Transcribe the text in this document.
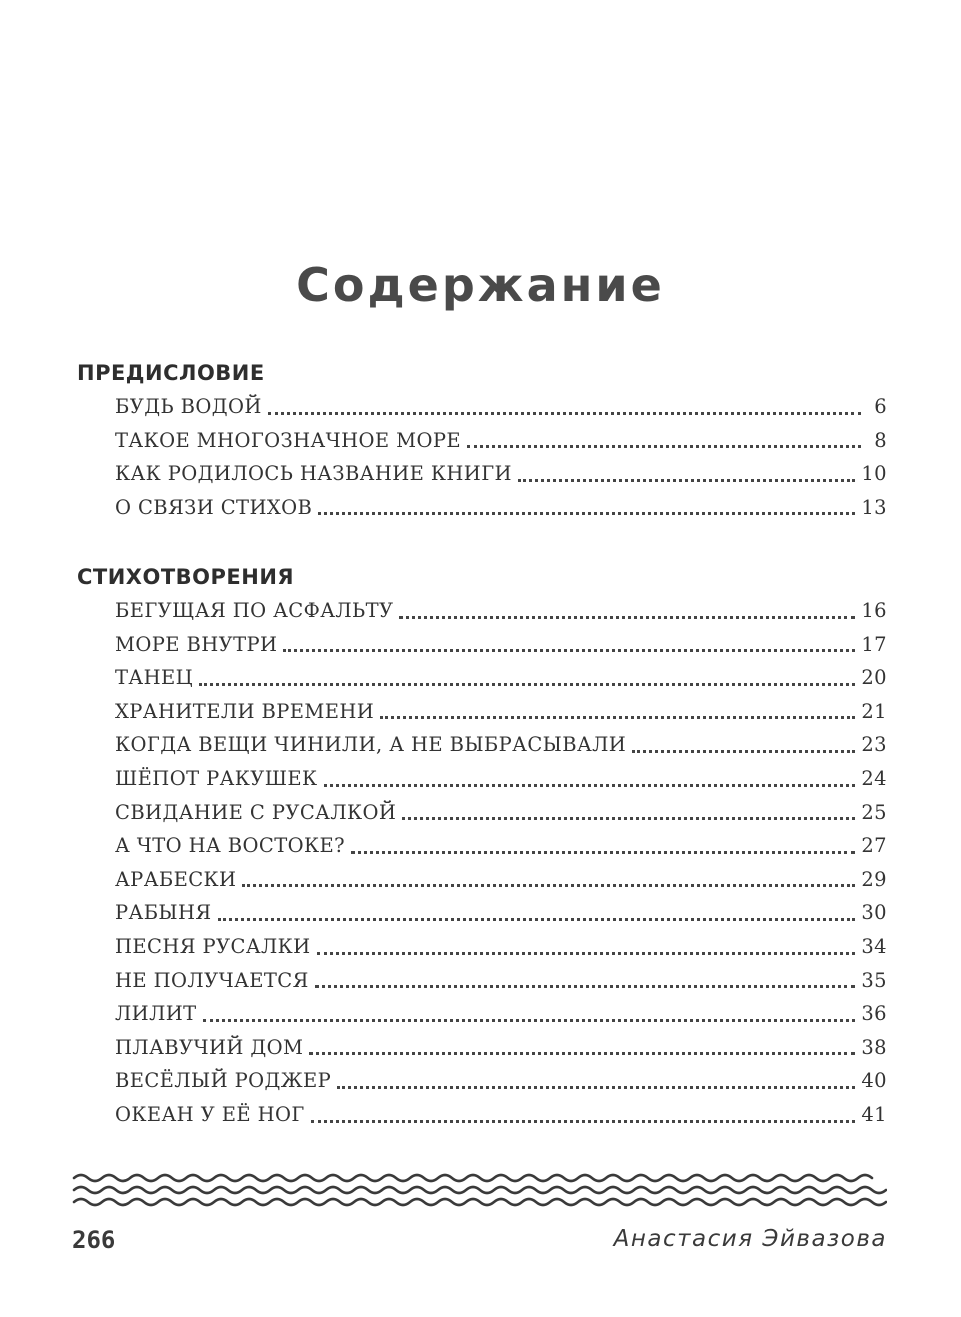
Содержание
ПРЕДИСЛОВИЕ
БУДЬ ВОДОЙ	6
ТАКОЕ МНОГОЗНАЧНОЕ МОРЕ	8
КАК РОДИЛОСЬ НАЗВАНИЕ КНИГИ	10
О СВЯЗИ СТИХОВ	13
СТИХОТВОРЕНИЯ
БЕГУЩАЯ ПО АСФАЛЬТУ	16
МОРЕ ВНУТРИ	17
ТАНЕЦ	20
ХРАНИТЕЛИ ВРЕМЕНИ	21
КОГДА ВЕЩИ ЧИНИЛИ, А НЕ ВЫБРАСЫВАЛИ	23
ШЁПОТ РАКУШЕК	24
СВИДАНИЕ С РУСАЛКОЙ	25
А ЧТО НА ВОСТОКЕ?	27
АРАБЕСКИ	29
РАБЫНЯ	30
ПЕСНЯ РУСАЛКИ	34
НЕ ПОЛУЧАЕТСЯ	35
ЛИЛИТ	36
ПЛАВУЧИЙ ДОМ	38
ВЕСЁЛЫЙ РОДЖЕР	40
ОКЕАН У ЕЁ НОГ	41
266	Анастасия Эйвазова
